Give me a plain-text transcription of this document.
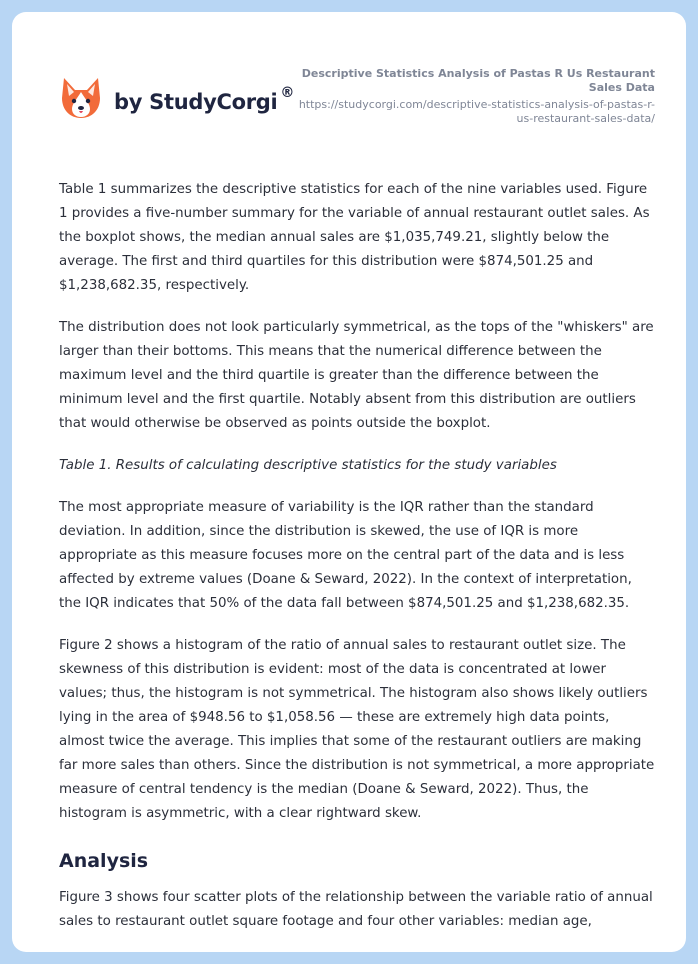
by StudyCorgi ®
Descriptive Statistics Analysis of Pastas R Us Restaurant Sales Data
https://studycorgi.com/descriptive-statistics-analysis-of-pastas-r-us-restaurant-sales-data/

Table 1 summarizes the descriptive statistics for each of the nine variables used. Figure 1 provides a five-number summary for the variable of annual restaurant outlet sales. As the boxplot shows, the median annual sales are $1,035,749.21, slightly below the average. The first and third quartiles for this distribution were $874,501.25 and $1,238,682.35, respectively.

The distribution does not look particularly symmetrical, as the tops of the "whiskers" are larger than their bottoms. This means that the numerical difference between the maximum level and the third quartile is greater than the difference between the minimum level and the first quartile. Notably absent from this distribution are outliers that would otherwise be observed as points outside the boxplot.

Table 1. Results of calculating descriptive statistics for the study variables

The most appropriate measure of variability is the IQR rather than the standard deviation. In addition, since the distribution is skewed, the use of IQR is more appropriate as this measure focuses more on the central part of the data and is less affected by extreme values (Doane & Seward, 2022). In the context of interpretation, the IQR indicates that 50% of the data fall between $874,501.25 and $1,238,682.35.

Figure 2 shows a histogram of the ratio of annual sales to restaurant outlet size. The skewness of this distribution is evident: most of the data is concentrated at lower values; thus, the histogram is not symmetrical. The histogram also shows likely outliers lying in the area of $948.56 to $1,058.56 — these are extremely high data points, almost twice the average. This implies that some of the restaurant outliers are making far more sales than others. Since the distribution is not symmetrical, a more appropriate measure of central tendency is the median (Doane & Seward, 2022). Thus, the histogram is asymmetric, with a clear rightward skew.

Analysis

Figure 3 shows four scatter plots of the relationship between the variable ratio of annual sales to restaurant outlet square footage and four other variables: median age,
